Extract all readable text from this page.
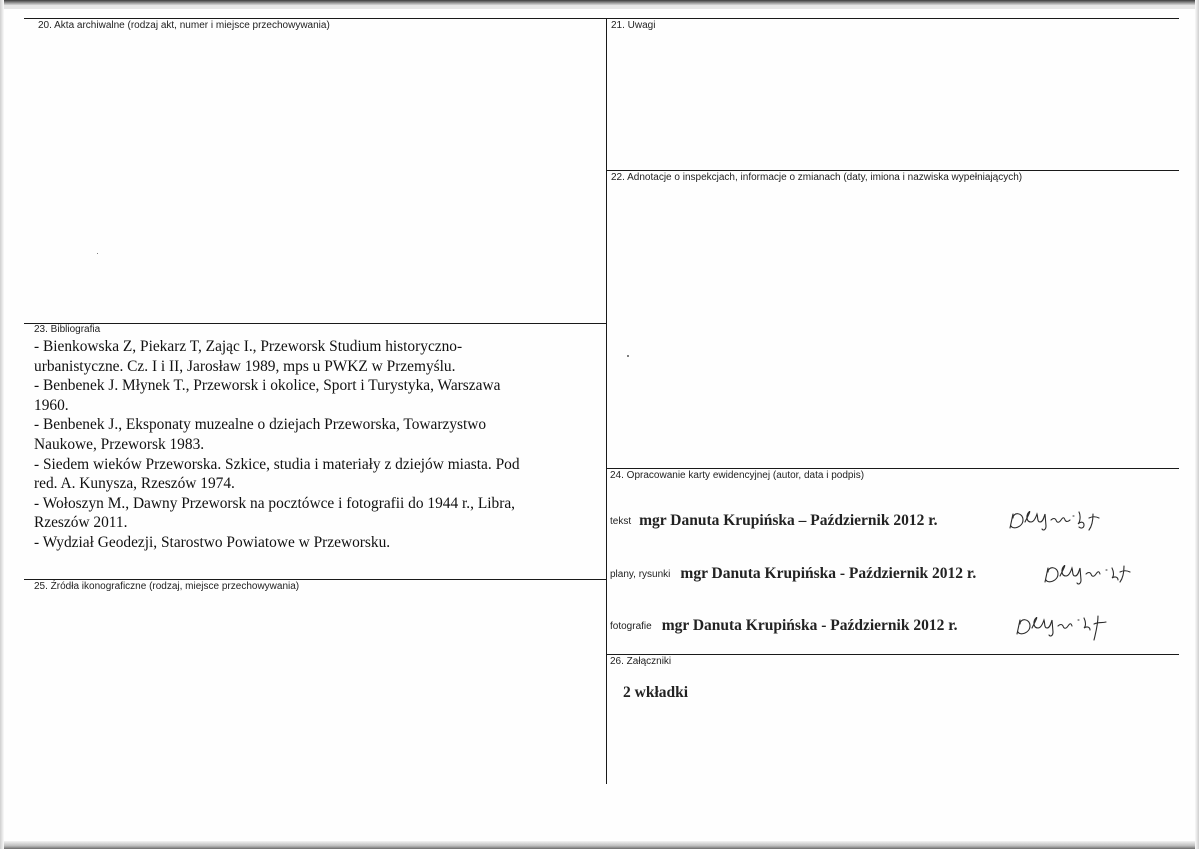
20. Akta archiwalne (rodzaj akt, numer i miejsce przechowywania)	21. Uwagi
22. Adnotacje o inspekcjach, informacje o zmianach (daty, imiona i nazwiska wypełniających)
23. Bibliografia
24. Opracowanie karty ewidencyjnej (autor, data i podpis)
25. Źródła ikonograficzne (rodzaj, miejsce przechowywania)
26. Załączniki
- Bienkowska Z, Piekarz T, Zając I., Przeworsk Studium historyczno-
urbanistyczne. Cz. I i II, Jarosław 1989, mps u PWKZ w Przemyślu.
- Benbenek J. Młynek T., Przeworsk i okolice, Sport i Turystyka, Warszawa
1960.
- Benbenek J., Eksponaty muzealne o dziejach Przeworska, Towarzystwo
Naukowe, Przeworsk 1983.
- Siedem wieków Przeworska. Szkice, studia i materiały z dziejów miasta. Pod
red. A. Kunysza, Rzeszów 1974.
- Wołoszyn M., Dawny Przeworsk na pocztówce i fotografii do 1944 r., Libra,
Rzeszów 2011.
- Wydział Geodezji, Starostwo Powiatowe w Przeworsku.
tekst mgr Danuta Krupińska – Październik 2012 r.
plany, rysunki mgr Danuta Krupińska - Październik 2012 r.
fotografie mgr Danuta Krupińska - Październik 2012 r.
2 wkładki
